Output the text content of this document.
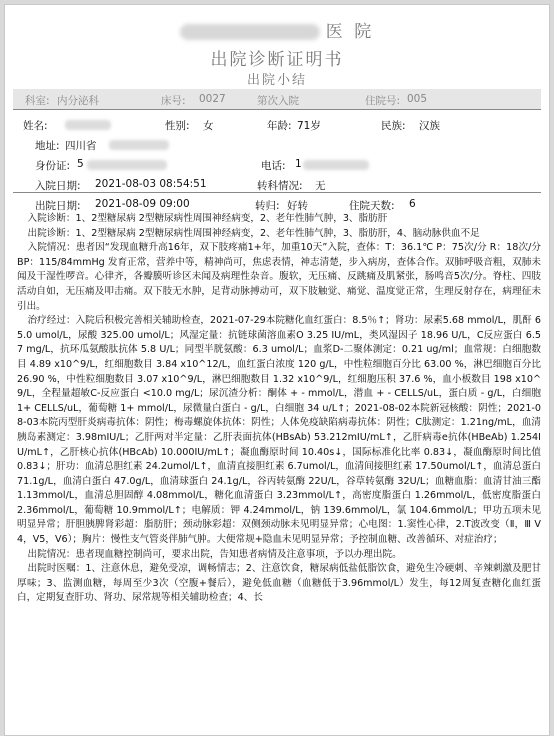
医 院
出院诊断证明书
出院小结
科室: 内分泌科	床号: 0027	第次入院	住院号: 005
姓名:	性别: 女	年龄: 71岁	民族: 汉族
地址: 四川省
身份证: 5	电话: 1
入院日期: 2021-08-03 08:54:51	转科情况: 无
出院日期: 2021-08-09 09:00	转归: 好转	住院天数: 6

入院诊断：1、2型糖尿病 2型糖尿病性周围神经病变，2、老年性肺气肿，3、脂肪肝

出院诊断：1、2型糖尿病 2型糖尿病性周围神经病变，2、老年性肺气肿，3、脂肪肝，4、脑动脉供血不足

入院情况：患者因“发现血糖升高16年，双下肢疼痛1+年，加重10天”入院，查体：T：36.1℃ P：75次/分 R：18次/分 BP：115/84mmHg 发育正常，营养中等，精神尚可，焦虑表情，神志清楚，步入病房，查体合作。双肺呼吸音粗，双肺未闻及干湿性啰音。心律齐，各瓣膜听诊区未闻及病理性杂音。腹软，无压痛、反跳痛及肌紧张，肠鸣音5次/分。脊柱、四肢活动自如，无压痛及叩击痛。双下肢无水肿，足背动脉搏动可，双下肢触觉、痛觉、温度觉正常，生理反射存在，病理征未引出。

治疗经过：入院后积极完善相关辅助检查，2021-07-29本院糖化血红蛋白：8.5％↑；肾功：尿素5.68 mmol/L，肌酐 65.0 umol/L，尿酸 325.00 umol/L；风湿定量：抗链球菌溶血素O 3.25 IU/mL，类风湿因子 18.96 U/L，C反应蛋白 6.57 mg/L，抗环瓜氨酸肽抗体 5.8 U/L；同型半胱氨酸：6.3 umol/L；血浆D-二聚体测定：0.21 ug/ml；血常规：白细胞数目 4.89 x10^9/L，红细胞数目 3.84 x10^12/L，血红蛋白浓度 120 g/L，中性粒细胞百分比 63.00 %，淋巴细胞百分比 26.90 %，中性粒细胞数目 3.07 x10^9/L，淋巴细胞数目 1.32 x10^9/L，红细胞压积 37.6 %，血小板数目 198 x10^9/L，全程量超敏C-反应蛋白 <10.0 mg/L；尿沉渣分析：酮体 + - mmol/L，潜血 + - CELLS/uL，蛋白质 - g/L，白细胞 1+ CELLS/uL，葡萄糖 1+ mmol/L，尿微量白蛋白 - g/L，白细胞 34 u/L↑；2021-08-02本院新冠核酸：阴性；2021-08-03本院丙型肝炎病毒抗体：阴性；梅毒螺旋体抗体：阴性；人体免疫缺陷病毒抗体：阴性；C肽测定：1.21ng/mL，血清胰岛素测定：3.98mIU/L；乙肝两对半定量：乙肝表面抗体(HBsAb) 53.212mIU/mL↑，乙肝病毒e抗体(HBeAb) 1.254IU/mL↑，乙肝核心抗体(HBcAb) 10.000IU/mL↑；凝血酶原时间 10.40s↓，国际标准化比率 0.83↓，凝血酶原时间比值 0.83↓；肝功：血清总胆红素 24.2umol/L↑，血清直接胆红素 6.7umol/L，血清间接胆红素 17.50umol/L↑，血清总蛋白 71.1g/L，血清白蛋白 47.0g/L，血清球蛋白 24.1g/L，谷丙转氨酶 22U/L，谷草转氨酶 32U/L；血糖血脂：血清甘油三酯 1.13mmol/L，血清总胆固醇 4.08mmol/L，糖化血清蛋白 3.23mmol/L↑，高密度脂蛋白 1.26mmol/L，低密度脂蛋白 2.36mmol/L，葡萄糖 10.9mmol/L↑；电解质：钾 4.24mmol/L，钠 139.6mmol/L，氯 104.6mmol/L；甲功五项未见明显异常；肝胆胰脾肾彩超：脂肪肝；颈动脉彩超：双侧颈动脉未见明显异常；心电图：1.窦性心律，2.T波改变（Ⅱ，Ⅲ V4，V5，V6）；胸片：慢性支气管炎伴肺气肿。大便常规+隐血未见明显异常；予控制血糖、改善循环、对症治疗；

出院情况：患者现血糖控制尚可，要求出院，告知患者病情及注意事项，予以办理出院。

出院时医嘱：1、注意休息，避免受凉，调畅情志；2、注意饮食，糖尿病低盐低脂饮食，避免生冷硬刺、辛辣刺激及肥甘厚味；3、监测血糖，每周至少3次（空腹+餐后），避免低血糖（血糖低于3.96mmol/L）发生，每12周复查糖化血红蛋白，定期复查肝功、肾功、尿常规等相关辅助检查；4、长
